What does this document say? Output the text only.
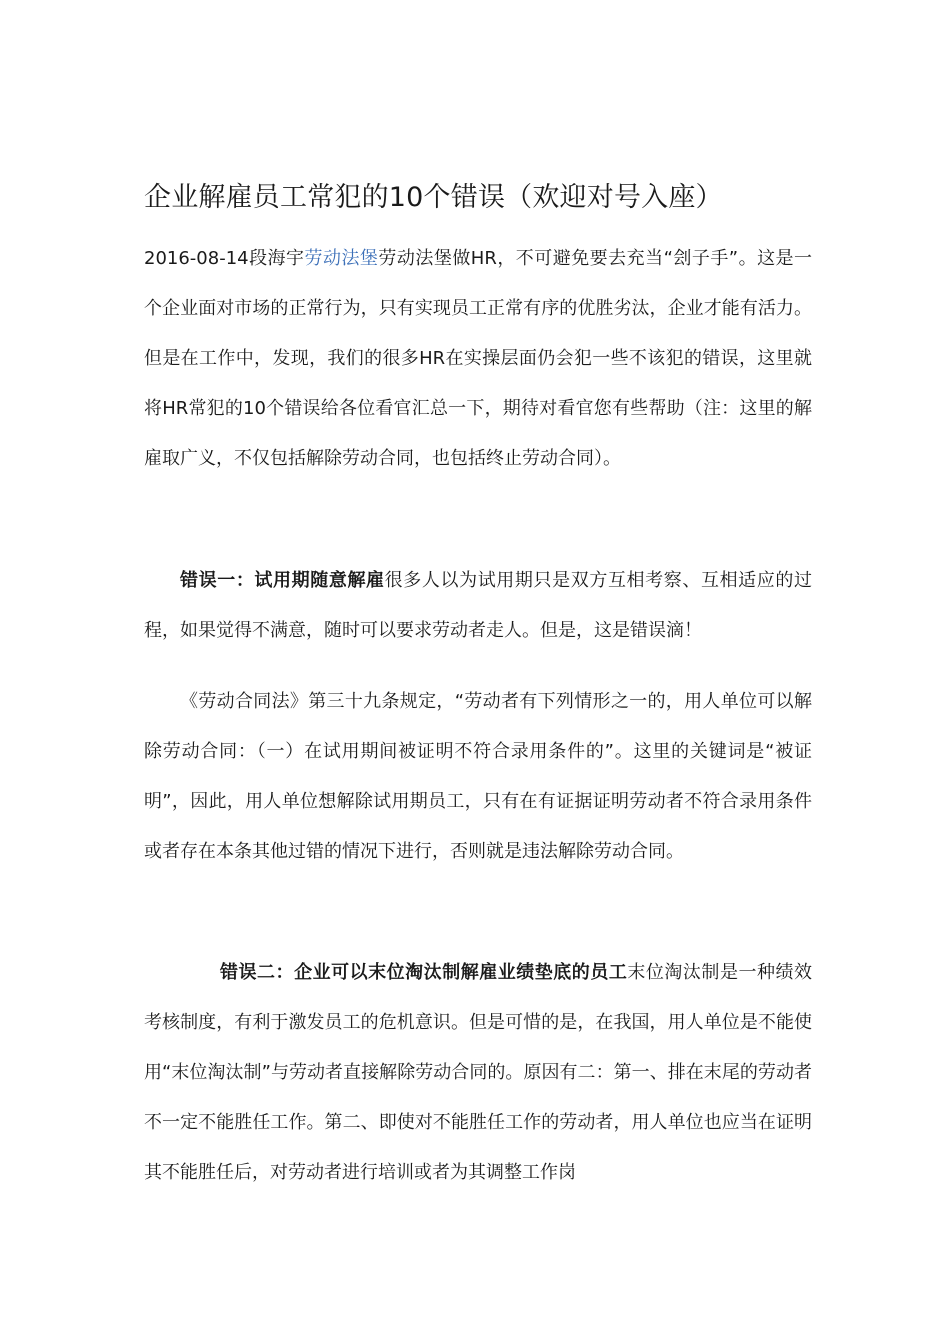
企业解雇员工常犯的10个错误（欢迎对号入座）

2016-08-14段海宇劳动法堡劳动法堡做HR，不可避免要去充当“刽子手”。这是一个企业面对市场的正常行为，只有实现员工正常有序的优胜劣汰，企业才能有活力。但是在工作中，发现，我们的很多HR在实操层面仍会犯一些不该犯的错误，这里就将HR常犯的10个错误给各位看官汇总一下，期待对看官您有些帮助（注：这里的解雇取广义，不仅包括解除劳动合同，也包括终止劳动合同）。

错误一：试用期随意解雇很多人以为试用期只是双方互相考察、互相适应的过程，如果觉得不满意，随时可以要求劳动者走人。但是，这是错误滴！

《劳动合同法》第三十九条规定，“劳动者有下列情形之一的，用人单位可以解除劳动合同：（一）在试用期间被证明不符合录用条件的”。这里的关键词是“被证明”，因此，用人单位想解除试用期员工，只有在有证据证明劳动者不符合录用条件或者存在本条其他过错的情况下进行，否则就是违法解除劳动合同。

错误二：企业可以末位淘汰制解雇业绩垫底的员工末位淘汰制是一种绩效考核制度，有利于激发员工的危机意识。但是可惜的是，在我国，用人单位是不能使用“末位淘汰制”与劳动者直接解除劳动合同的。原因有二：第一、排在末尾的劳动者不一定不能胜任工作。第二、即使对不能胜任工作的劳动者，用人单位也应当在证明其不能胜任后，对劳动者进行培训或者为其调整工作岗
